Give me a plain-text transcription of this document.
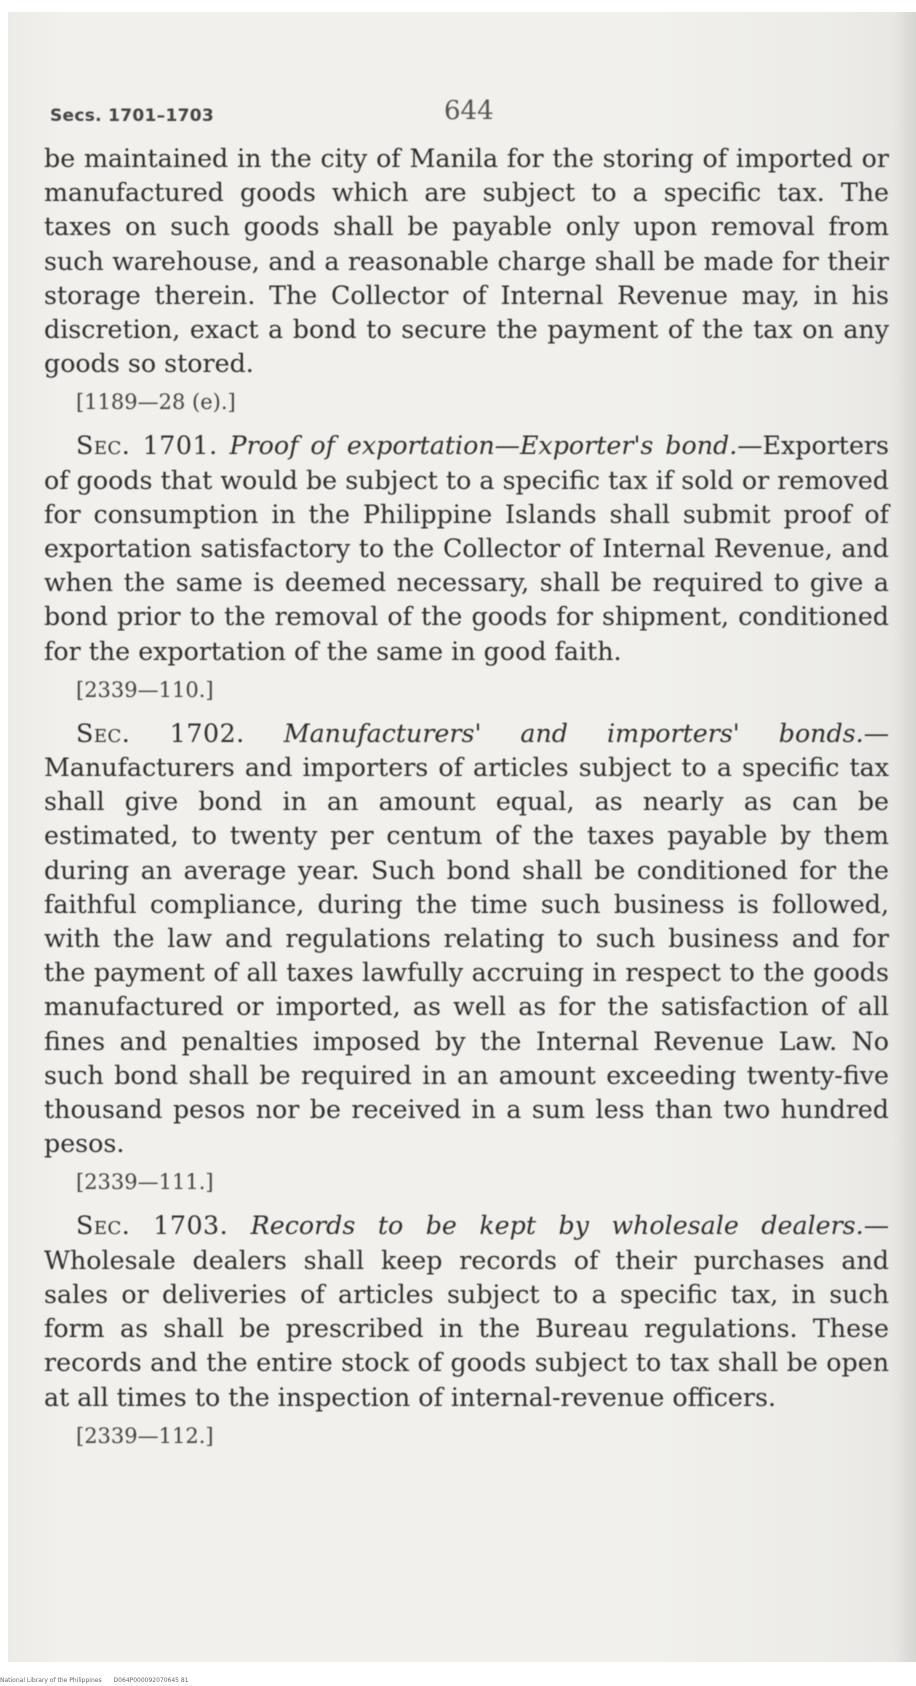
Secs. 1701–1703	644

be maintained in the city of Manila for the storing of imported or manufactured goods which are subject to a specific tax. The taxes on such goods shall be payable only upon removal from such warehouse, and a reasonable charge shall be made for their storage therein. The Collector of Internal Revenue may, in his discretion, exact a bond to secure the payment of the tax on any goods so stored.

[1189—28 (e).]

Sec. 1701. Proof of exportation—Exporter's bond.—Exporters of goods that would be subject to a specific tax if sold or removed for consumption in the Philippine Islands shall submit proof of exportation satisfactory to the Collector of Internal Revenue, and when the same is deemed necessary, shall be required to give a bond prior to the removal of the goods for shipment, conditioned for the exportation of the same in good faith.

[2339—110.]

Sec. 1702. Manufacturers' and importers' bonds.—Manufacturers and importers of articles subject to a specific tax shall give bond in an amount equal, as nearly as can be estimated, to twenty per centum of the taxes payable by them during an average year. Such bond shall be conditioned for the faithful compliance, during the time such business is followed, with the law and regulations relating to such business and for the payment of all taxes lawfully accruing in respect to the goods manufactured or imported, as well as for the satisfaction of all fines and penalties imposed by the Internal Revenue Law. No such bond shall be required in an amount exceeding twenty-five thousand pesos nor be received in a sum less than two hundred pesos.

[2339—111.]

Sec. 1703. Records to be kept by wholesale dealers.—Wholesale dealers shall keep records of their purchases and sales or deliveries of articles subject to a specific tax, in such form as shall be prescribed in the Bureau regulations. These records and the entire stock of goods subject to tax shall be open at all times to the inspection of internal-revenue officers.

[2339—112.]

National Library of the Philippines D064P000092070645 81
